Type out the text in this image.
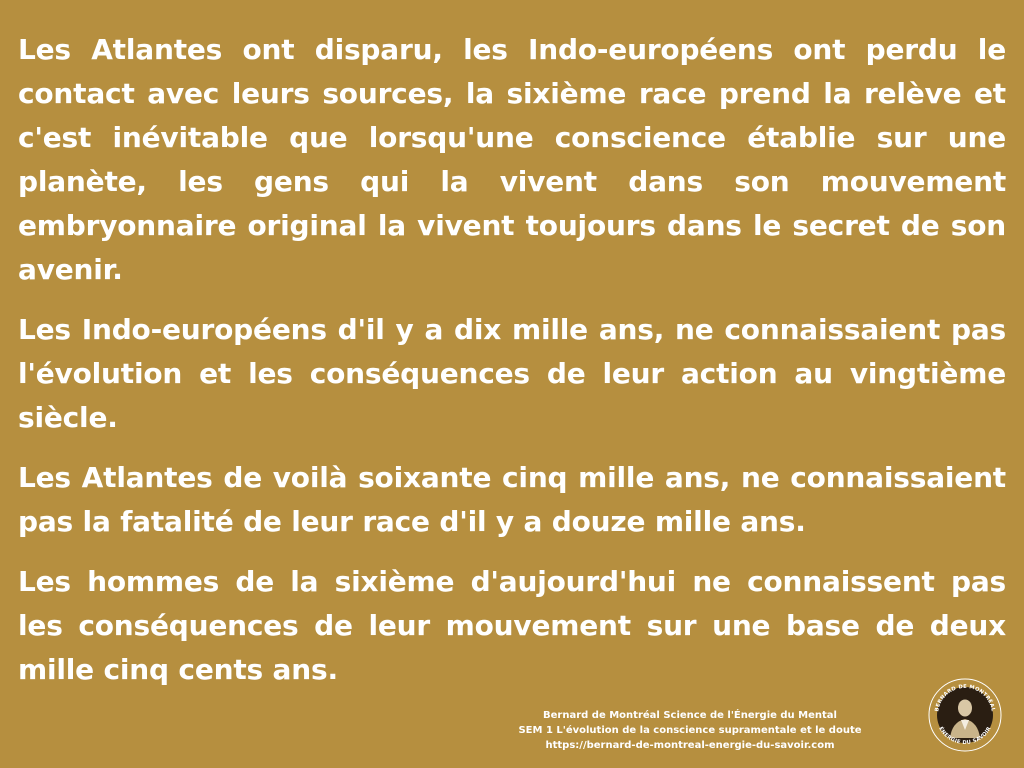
Les Atlantes ont disparu, les Indo-européens ont perdu le contact avec leurs sources, la sixième race prend la relève et c'est inévitable que lorsqu'une conscience établie sur une planète, les gens qui la vivent dans son mouvement embryonnaire original la vivent toujours dans le secret de son avenir.

Les Indo-européens d'il y a dix mille ans, ne connaissaient pas l'évolution et les conséquences de leur action au vingtième siècle.

Les Atlantes de voilà soixante cinq mille ans, ne connaissaient pas la fatalité de leur race d'il y a douze mille ans.

Les hommes de la sixième d'aujourd'hui ne connaissent pas les conséquences de leur mouvement sur une base de deux mille cinq cents ans.

Bernard de Montréal Science de l'Énergie du Mental
SEM 1 L'évolution de la conscience supramentale et le doute
https://bernard-de-montreal-energie-du-savoir.com
BERNARD DE MONTRÉAL
ÉNERGIE DU SAVOIR
